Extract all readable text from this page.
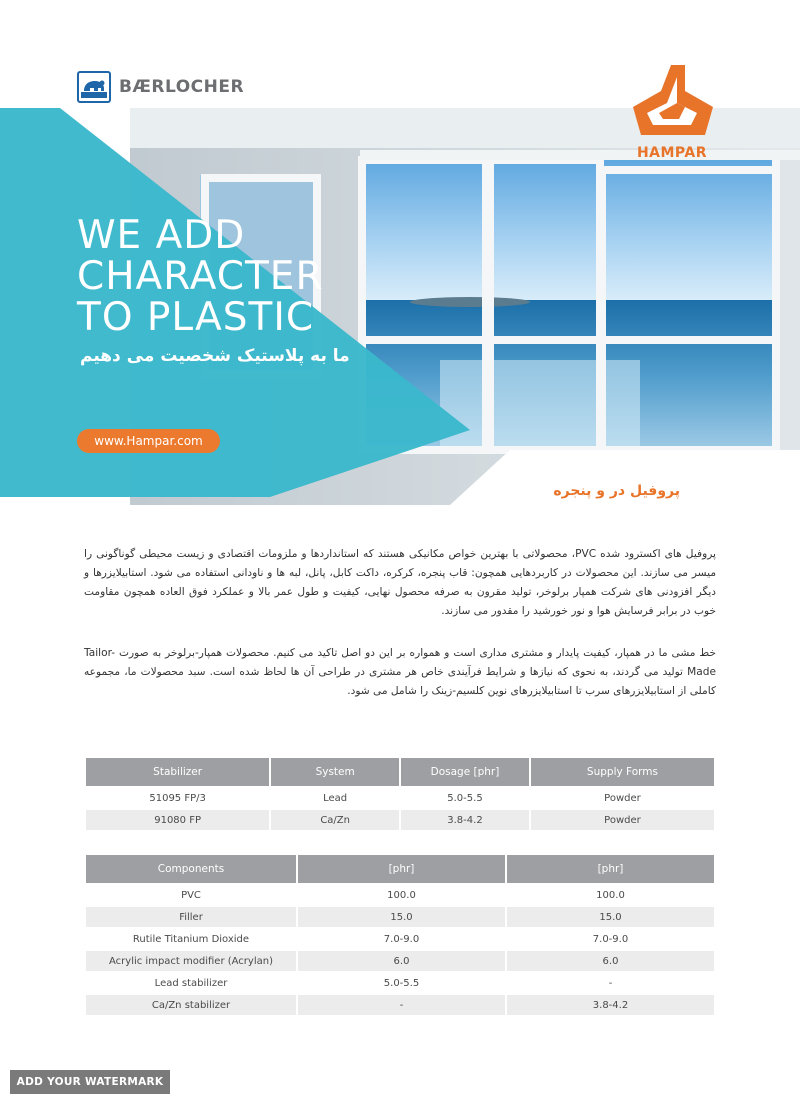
WE ADD
CHARACTER
TO PLASTIC
ما به پلاستیک شخصیت می دهیم
www.Hampar.com
BÆRLOCHER
HAMPAR
پروفیل در و پنجره
پروفیل های اکسترود شده PVC، محصولاتی با بهترین خواص مکانیکی هستند که استانداردها و ملزومات اقتصادی و زیست محیطی گوناگونی را میسر می سازند. این محصولات در کاربردهایی همچون: قاب پنجره، کرکره، داکت کابل، پانل، لبه ها و ناودانی استفاده می شود. استابیلایزرها و دیگر افزودنی های شرکت همپار برلوخر، تولید مقرون به صرفه محصول نهایی، کیفیت و طول عمر بالا و عملکرد فوق العاده همچون مقاومت خوب در برابر فرسایش هوا و نور خورشید را مقدور می سازند.
خط مشی ما در همپار، کیفیت پایدار و مشتری مداری است و همواره بر این دو اصل تاکید می کنیم. محصولات همپار-برلوخر به صورت Tailor-Made تولید می گردند، به نحوی که نیازها و شرایط فرآیندی خاص هر مشتری در طراحی آن ها لحاظ شده است. سبد محصولات ما، مجموعه کاملی از استابیلایزرهای سرب تا استابیلایزرهای نوین کلسیم-زینک را شامل می شود.
Stabilizer	System	Dosage [phr]	Supply Forms
51095 FP/3	Lead	5.0-5.5	Powder
91080 FP	Ca/Zn	3.8-4.2	Powder
Components	[phr]	[phr]
PVC	100.0	100.0
Filler	15.0	15.0
Rutile Titanium Dioxide	7.0-9.0	7.0-9.0
Acrylic impact modifier (Acrylan)	6.0	6.0
Lead stabilizer	5.0-5.5	-
Ca/Zn stabilizer	-	3.8-4.2
ADD YOUR WATERMARK
